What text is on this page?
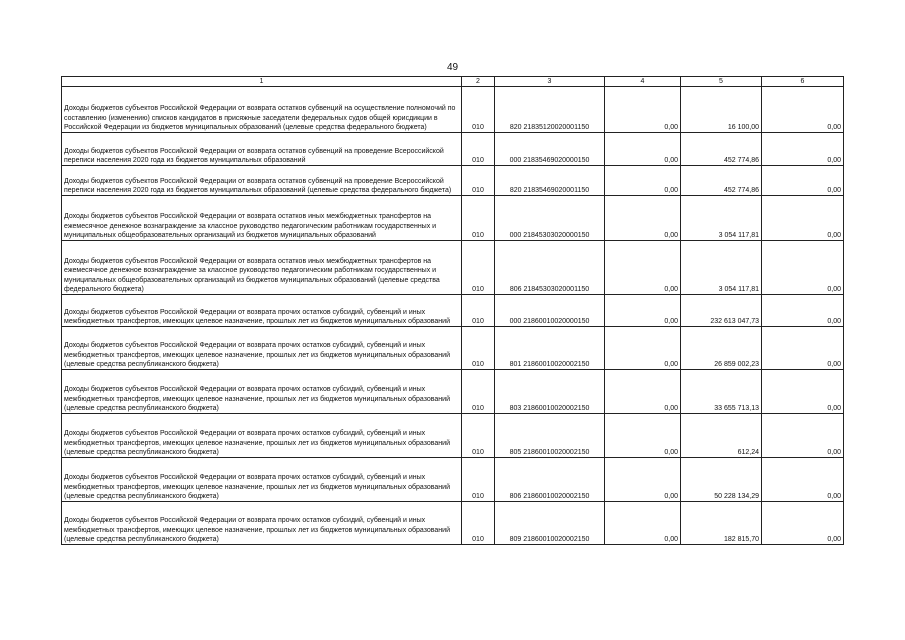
49
1	2	3	4	5	6
Доходы бюджетов субъектов Российской Федерации от возврата остатков субвенций на осуществление полномочий по составлению (изменению) списков кандидатов в присяжные заседатели федеральных судов общей юрисдикции в Российской Федерации из бюджетов муниципальных образований (целевые средства федерального бюджета)	010	820 21835120020001150	0,00	16 100,00	0,00
Доходы бюджетов субъектов Российской Федерации от возврата остатков субвенций на проведение Всероссийской переписи населения 2020 года из бюджетов муниципальных образований	010	000 21835469020000150	0,00	452 774,86	0,00
Доходы бюджетов субъектов Российской Федерации от возврата остатков субвенций на проведение Всероссийской переписи населения 2020 года из бюджетов муниципальных образований (целевые средства федерального бюджета)	010	820 21835469020001150	0,00	452 774,86	0,00
Доходы бюджетов субъектов Российской Федерации от возврата остатков иных межбюджетных трансфертов на ежемесячное денежное вознаграждение за классное руководство педагогическим работникам государственных и муниципальных общеобразовательных организаций из бюджетов муниципальных образований	010	000 21845303020000150	0,00	3 054 117,81	0,00
Доходы бюджетов субъектов Российской Федерации от возврата остатков иных межбюджетных трансфертов на ежемесячное денежное вознаграждение за классное руководство педагогическим работникам государственных и муниципальных общеобразовательных организаций из бюджетов муниципальных образований (целевые средства федерального бюджета)	010	806 21845303020001150	0,00	3 054 117,81	0,00
Доходы бюджетов субъектов Российской Федерации от возврата прочих остатков субсидий, субвенций и иных межбюджетных трансфертов, имеющих целевое назначение, прошлых лет из бюджетов муниципальных образований	010	000 21860010020000150	0,00	232 613 047,73	0,00
Доходы бюджетов субъектов Российской Федерации от возврата прочих остатков субсидий, субвенций и иных межбюджетных трансфертов, имеющих целевое назначение, прошлых лет из бюджетов муниципальных образований (целевые средства республиканского бюджета)	010	801 21860010020002150	0,00	26 859 002,23	0,00
Доходы бюджетов субъектов Российской Федерации от возврата прочих остатков субсидий, субвенций и иных межбюджетных трансфертов, имеющих целевое назначение, прошлых лет из бюджетов муниципальных образований (целевые средства республиканского бюджета)	010	803 21860010020002150	0,00	33 655 713,13	0,00
Доходы бюджетов субъектов Российской Федерации от возврата прочих остатков субсидий, субвенций и иных межбюджетных трансфертов, имеющих целевое назначение, прошлых лет из бюджетов муниципальных образований (целевые средства республиканского бюджета)	010	805 21860010020002150	0,00	612,24	0,00
Доходы бюджетов субъектов Российской Федерации от возврата прочих остатков субсидий, субвенций и иных межбюджетных трансфертов, имеющих целевое назначение, прошлых лет из бюджетов муниципальных образований (целевые средства республиканского бюджета)	010	806 21860010020002150	0,00	50 228 134,29	0,00
Доходы бюджетов субъектов Российской Федерации от возврата прочих остатков субсидий, субвенций и иных межбюджетных трансфертов, имеющих целевое назначение, прошлых лет из бюджетов муниципальных образований (целевые средства республиканского бюджета)	010	809 21860010020002150	0,00	182 815,70	0,00
